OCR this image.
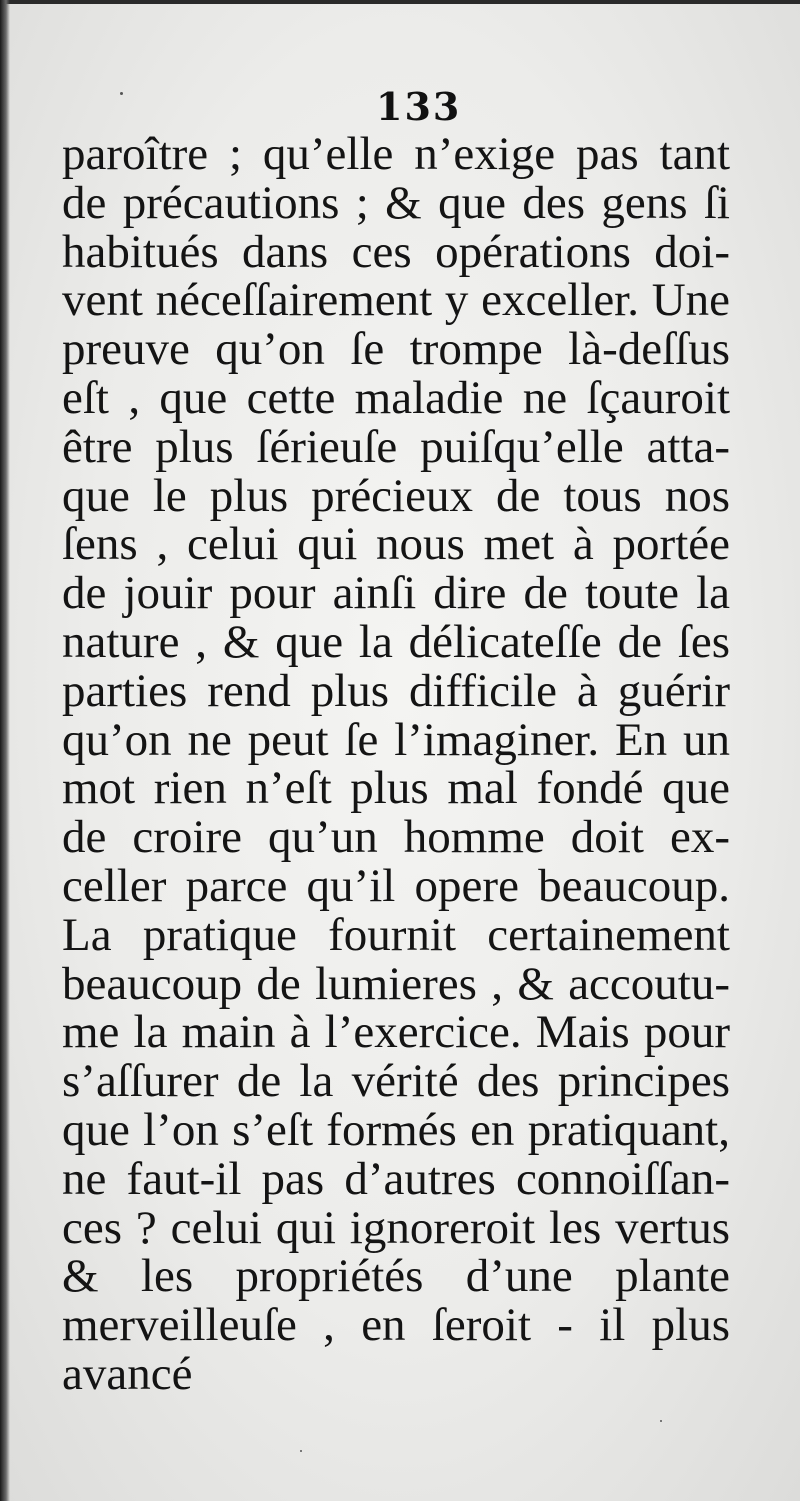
133
paroître ; qu’elle n’exige pas tant
de précautions ; & que des gens ſi
habitués dans ces opérations doi-
vent néceſſairement y exceller. Une
preuve qu’on ſe trompe là-deſſus
eſt , que cette maladie ne ſçauroit
être plus ſérieuſe puiſqu’elle atta-
que le plus précieux de tous nos
ſens , celui qui nous met à portée
de jouir pour ainſi dire de toute la
nature , & que la délicateſſe de ſes
parties rend plus difficile à guérir
qu’on ne peut ſe l’imaginer. En un
mot rien n’eſt plus mal fondé que
de croire qu’un homme doit ex-
celler parce qu’il opere beaucoup.
La pratique fournit certainement
beaucoup de lumieres , & accoutu-
me la main à l’exercice. Mais pour
s’aſſurer de la vérité des principes
que l’on s’eſt formés en pratiquant,
ne faut-il pas d’autres connoiſſan-
ces ? celui qui ignoreroit les vertus
& les propriétés d’une plante merveilleuſe , en ſeroit - il plus avancé
